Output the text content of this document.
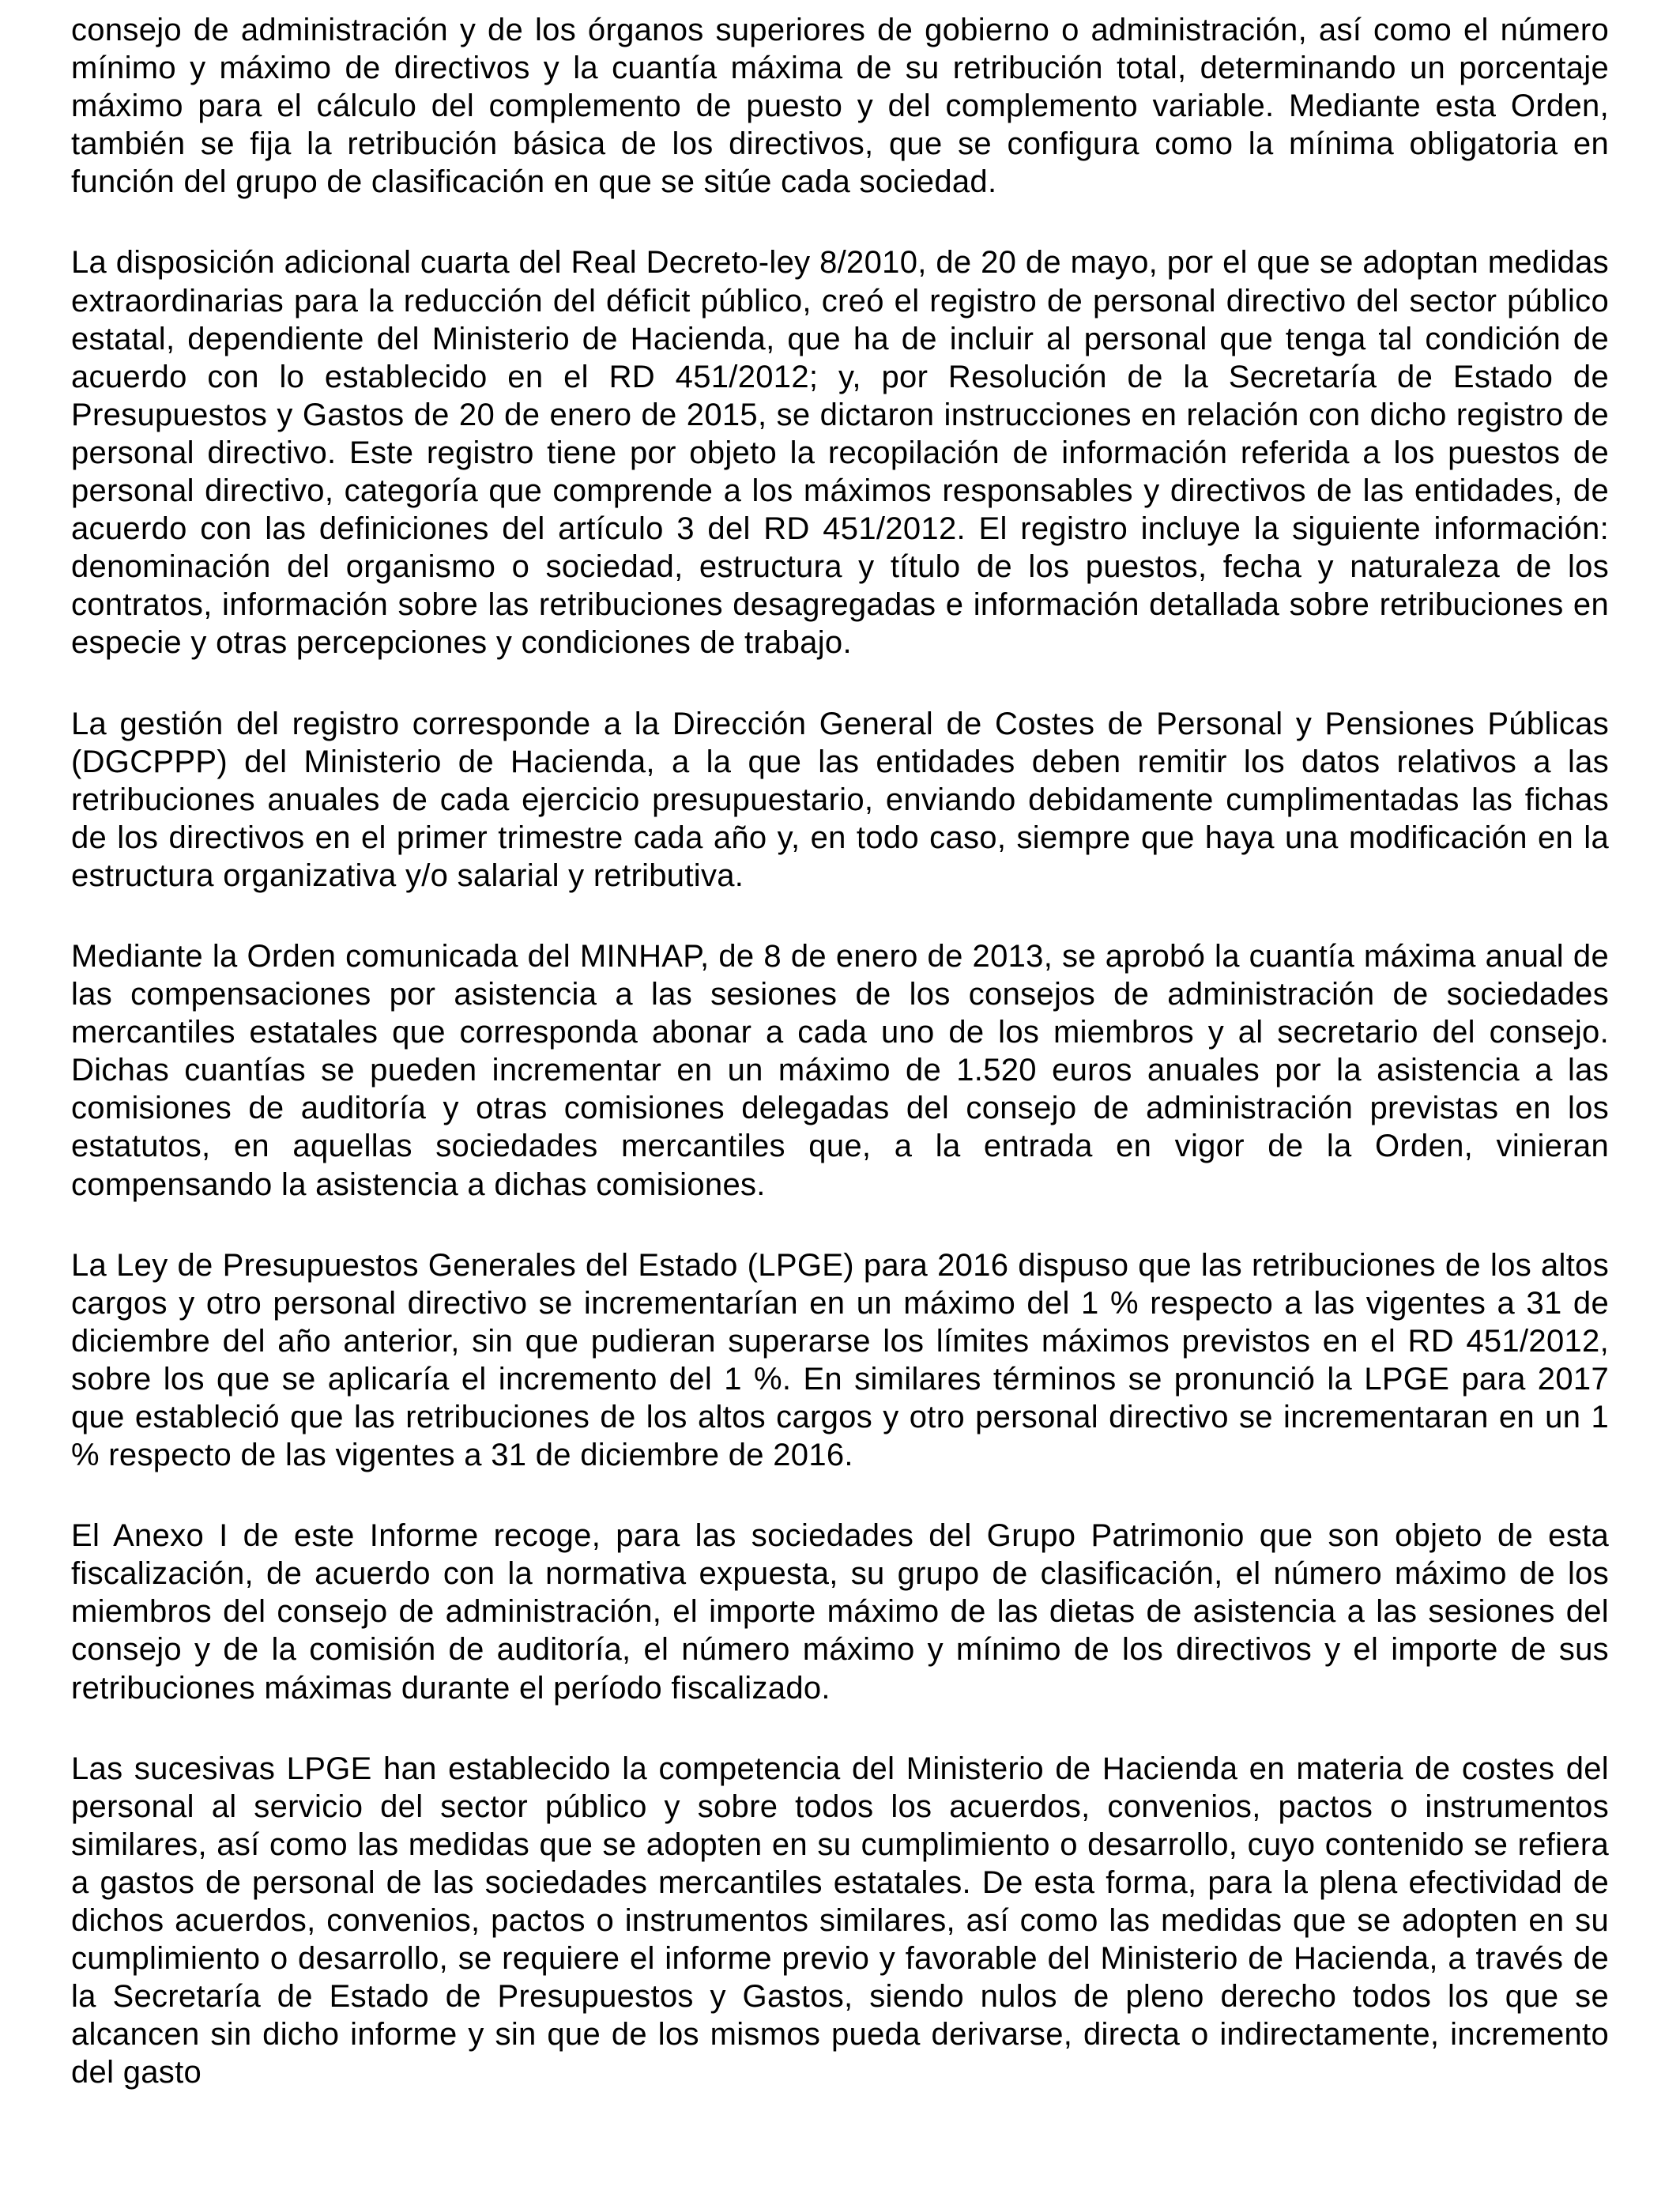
consejo de administración y de los órganos superiores de gobierno o administración, así como el número mínimo y máximo de directivos y la cuantía máxima de su retribución total, determinando un porcentaje máximo para el cálculo del complemento de puesto y del complemento variable. Mediante esta Orden, también se fija la retribución básica de los directivos, que se configura como la mínima obligatoria en función del grupo de clasificación en que se sitúe cada sociedad.

La disposición adicional cuarta del Real Decreto-ley 8/2010, de 20 de mayo, por el que se adoptan medidas extraordinarias para la reducción del déficit público, creó el registro de personal directivo del sector público estatal, dependiente del Ministerio de Hacienda, que ha de incluir al personal que tenga tal condición de acuerdo con lo establecido en el RD 451/2012; y, por Resolución de la Secretaría de Estado de Presupuestos y Gastos de 20 de enero de 2015, se dictaron instrucciones en relación con dicho registro de personal directivo. Este registro tiene por objeto la recopilación de información referida a los puestos de personal directivo, categoría que comprende a los máximos responsables y directivos de las entidades, de acuerdo con las definiciones del artículo 3 del RD 451/2012. El registro incluye la siguiente información: denominación del organismo o sociedad, estructura y título de los puestos, fecha y naturaleza de los contratos, información sobre las retribuciones desagregadas e información detallada sobre retribuciones en especie y otras percepciones y condiciones de trabajo.

La gestión del registro corresponde a la Dirección General de Costes de Personal y Pensiones Públicas (DGCPPP) del Ministerio de Hacienda, a la que las entidades deben remitir los datos relativos a las retribuciones anuales de cada ejercicio presupuestario, enviando debidamente cumplimentadas las fichas de los directivos en el primer trimestre cada año y, en todo caso, siempre que haya una modificación en la estructura organizativa y/o salarial y retributiva.

Mediante la Orden comunicada del MINHAP, de 8 de enero de 2013, se aprobó la cuantía máxima anual de las compensaciones por asistencia a las sesiones de los consejos de administración de sociedades mercantiles estatales que corresponda abonar a cada uno de los miembros y al secretario del consejo. Dichas cuantías se pueden incrementar en un máximo de 1.520 euros anuales por la asistencia a las comisiones de auditoría y otras comisiones delegadas del consejo de administración previstas en los estatutos, en aquellas sociedades mercantiles que, a la entrada en vigor de la Orden, vinieran compensando la asistencia a dichas comisiones.

La Ley de Presupuestos Generales del Estado (LPGE) para 2016 dispuso que las retribuciones de los altos cargos y otro personal directivo se incrementarían en un máximo del 1 % respecto a las vigentes a 31 de diciembre del año anterior, sin que pudieran superarse los límites máximos previstos en el RD 451/2012, sobre los que se aplicaría el incremento del 1 %. En similares términos se pronunció la LPGE para 2017 que estableció que las retribuciones de los altos cargos y otro personal directivo se incrementaran en un 1 % respecto de las vigentes a 31 de diciembre de 2016.

El Anexo I de este Informe recoge, para las sociedades del Grupo Patrimonio que son objeto de esta fiscalización, de acuerdo con la normativa expuesta, su grupo de clasificación, el número máximo de los miembros del consejo de administración, el importe máximo de las dietas de asistencia a las sesiones del consejo y de la comisión de auditoría, el número máximo y mínimo de los directivos y el importe de sus retribuciones máximas durante el período fiscalizado.

Las sucesivas LPGE han establecido la competencia del Ministerio de Hacienda en materia de costes del personal al servicio del sector público y sobre todos los acuerdos, convenios, pactos o instrumentos similares, así como las medidas que se adopten en su cumplimiento o desarrollo, cuyo contenido se refiera a gastos de personal de las sociedades mercantiles estatales. De esta forma, para la plena efectividad de dichos acuerdos, convenios, pactos o instrumentos similares, así como las medidas que se adopten en su cumplimiento o desarrollo, se requiere el informe previo y favorable del Ministerio de Hacienda, a través de la Secretaría de Estado de Presupuestos y Gastos, siendo nulos de pleno derecho todos los que se alcancen sin dicho informe y sin que de los mismos pueda derivarse, directa o indirectamente, incremento del gasto
